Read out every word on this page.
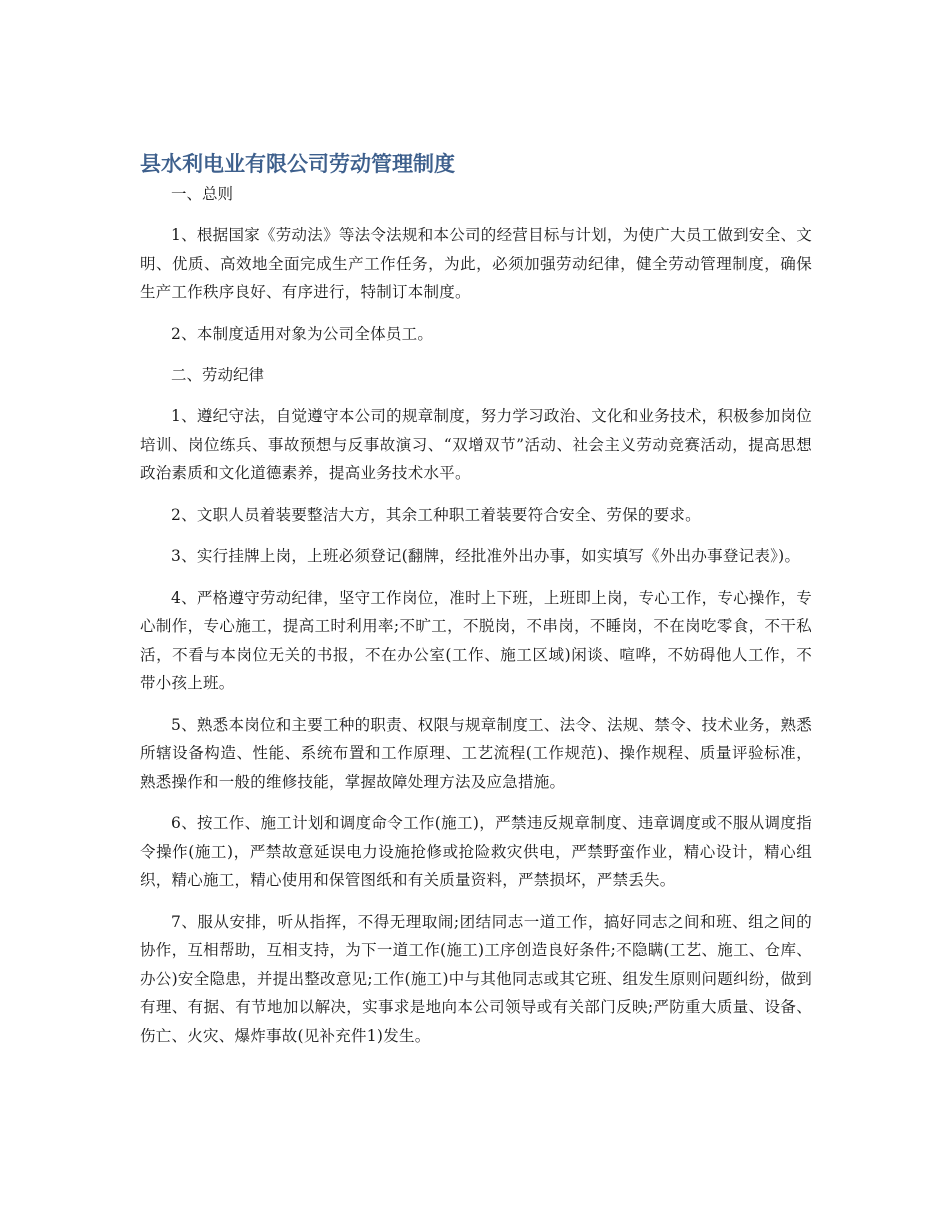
县水利电业有限公司劳动管理制度

一、总则

1、根据国家《劳动法》等法令法规和本公司的经营目标与计划，为使广大员工做到安全、文明、优质、高效地全面完成生产工作任务，为此，必须加强劳动纪律，健全劳动管理制度，确保生产工作秩序良好、有序进行，特制订本制度。

2、本制度适用对象为公司全体员工。

二、劳动纪律

1、遵纪守法，自觉遵守本公司的规章制度，努力学习政治、文化和业务技术，积极参加岗位培训、岗位练兵、事故预想与反事故演习、“双增双节”活动、社会主义劳动竞赛活动，提高思想政治素质和文化道德素养，提高业务技术水平。

2、文职人员着装要整洁大方，其余工种职工着装要符合安全、劳保的要求。

3、实行挂牌上岗，上班必须登记(翻牌，经批准外出办事，如实填写《外出办事登记表》)。

4、严格遵守劳动纪律，坚守工作岗位，准时上下班，上班即上岗，专心工作，专心操作，专心制作，专心施工，提高工时利用率;不旷工，不脱岗，不串岗，不睡岗，不在岗吃零食，不干私活，不看与本岗位无关的书报，不在办公室(工作、施工区域)闲谈、喧哗，不妨碍他人工作，不带小孩上班。

5、熟悉本岗位和主要工种的职责、权限与规章制度工、法令、法规、禁令、技术业务，熟悉所辖设备构造、性能、系统布置和工作原理、工艺流程(工作规范)、操作规程、质量评验标准，熟悉操作和一般的维修技能，掌握故障处理方法及应急措施。

6、按工作、施工计划和调度命令工作(施工)，严禁违反规章制度、违章调度或不服从调度指令操作(施工)，严禁故意延误电力设施抢修或抢险救灾供电，严禁野蛮作业，精心设计，精心组织，精心施工，精心使用和保管图纸和有关质量资料，严禁损坏，严禁丢失。

7、服从安排，听从指挥，不得无理取闹;团结同志一道工作，搞好同志之间和班、组之间的协作，互相帮助，互相支持，为下一道工作(施工)工序创造良好条件;不隐瞒(工艺、施工、仓库、办公)安全隐患，并提出整改意见;工作(施工)中与其他同志或其它班、组发生原则问题纠纷，做到有理、有据、有节地加以解决，实事求是地向本公司领导或有关部门反映;严防重大质量、设备、伤亡、火灾、爆炸事故(见补充件1)发生。
